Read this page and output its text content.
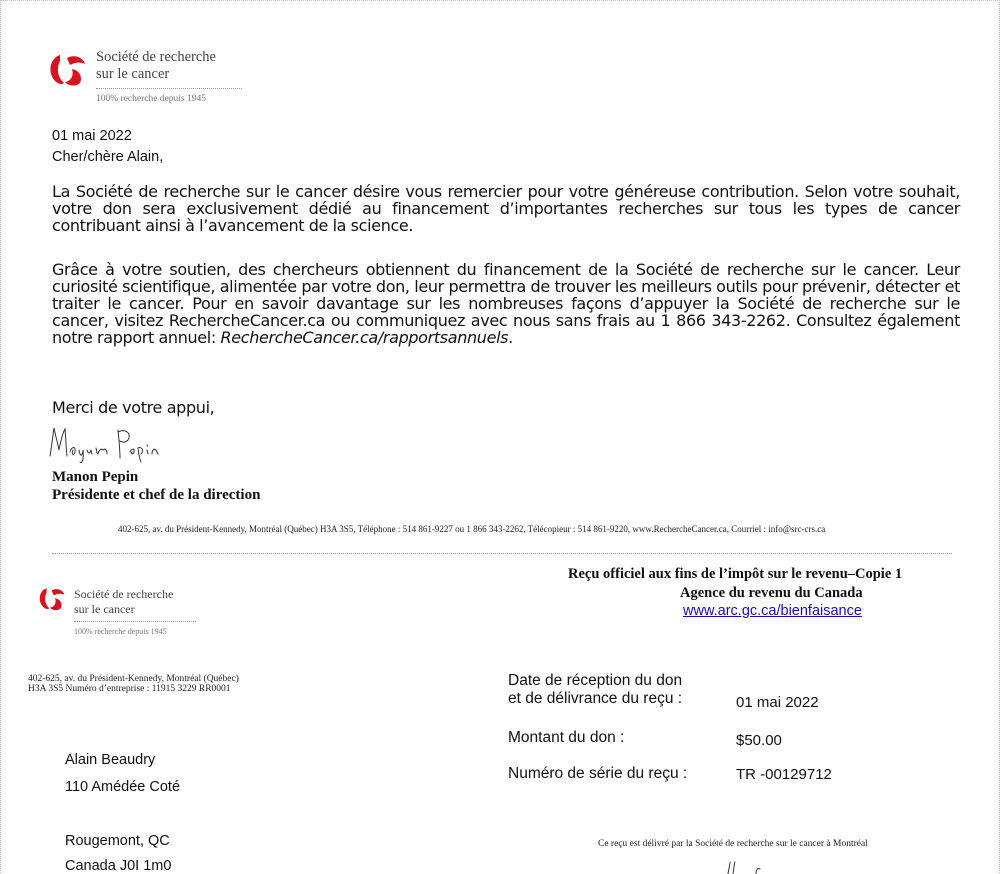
Société de recherche
sur le cancer
100% recherche depuis 1945
01 mai 2022
Cher/chère Alain,
La Société de recherche sur le cancer désire vous remercier pour votre généreuse contribution. Selon votre souhait, votre don sera exclusivement dédié au financement d’importantes recherches sur tous les types de cancer contribuant ainsi à l’avancement de la science.
Grâce à votre soutien, des chercheurs obtiennent du financement de la Société de recherche sur le cancer. Leur curiosité scientifique, alimentée par votre don, leur permettra de trouver les meilleurs outils pour prévenir, détecter et traiter le cancer. Pour en savoir davantage sur les nombreuses façons d’appuyer la Société de recherche sur le cancer, visitez RechercheCancer.ca ou communiquez avec nous sans frais au 1 866 343-2262. Consultez également notre rapport annuel: RechercheCancer.ca/rapportsannuels.
Merci de votre appui,
Manon Pepin
Présidente et chef de la direction
402-625, av. du Président-Kennedy, Montréal (Québec) H3A 3S5, Téléphone : 514 861-9227 ou 1 866 343-2262, Télécopieur : 514 861-9220, www.RechercheCancer.ca, Courriel : info@src-crs.ca
Société de recherche
sur le cancer
100% recherche depuis 1945
Reçu officiel aux fins de l’impôt sur le revenu–Copie 1
Agence du revenu du Canada
www.arc.gc.ca/bienfaisance
402-625, av. du Président-Kennedy, Montréal (Québec)
H3A 3S5 Numéro d’entreprise : 11915 3229 RR0001	Date de réception du don
et de délivrance du reçu :	01 mai 2022
Montant du don :	$50.00
Numéro de série du reçu :	TR -00129712
Alain Beaudry
110 Amédée Coté
Rougemont, QC
Canada J0I 1m0
Ce reçu est délivré par la Société de recherche sur le cancer à Montréal
